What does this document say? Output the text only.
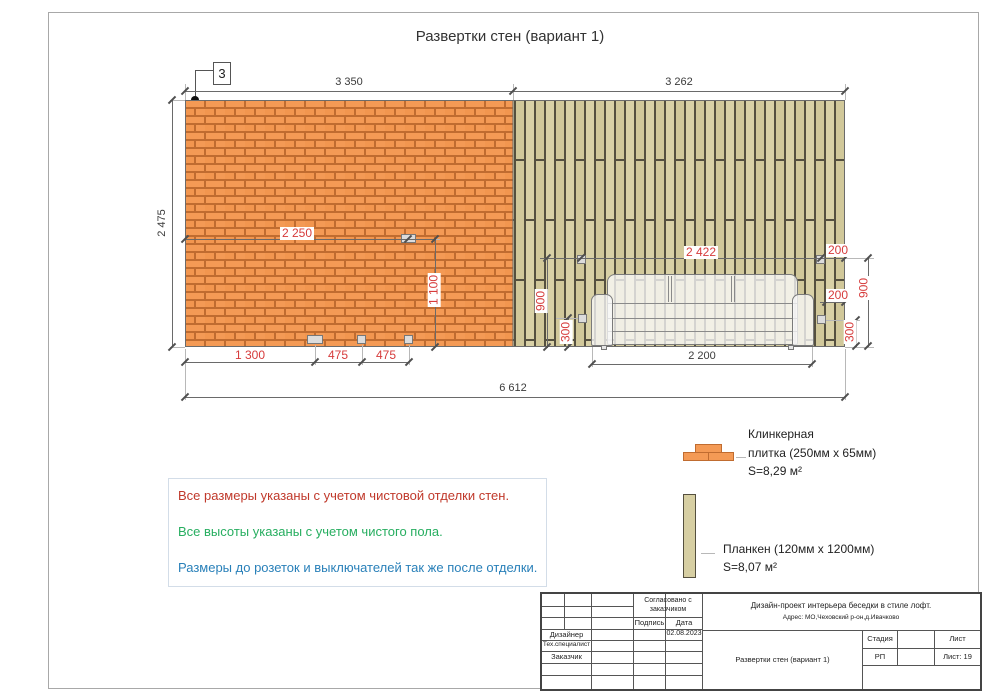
Развертки стен (вариант 1)
3
3 350	3 262
2 475
6 612
2 250
1 100
1 300	475 475
2 422	200
200
900
300
900
300
2 200
Клинкерная
плитка (250мм х 65мм)
S=8,29 м²
Планкен (120мм х 1200мм)
S=8,07 м²
Все размеры указаны с учетом чистовой отделки стен.
Все высоты указаны с учетом чистого пола.
Размеры до розеток и выключателей так же после отделки.
Согласовано с заказчиком
Подпись	Дата
Дизайнер
Тех.специалист
Заказчик
02.08.2023
Дизайн-проект интерьера беседки в стиле лофт.
Адрес: МО,Чеховский р-он,д.Ивачково
Развертки стен (вариант 1)
Стадия	Лист
РП	Лист: 19
